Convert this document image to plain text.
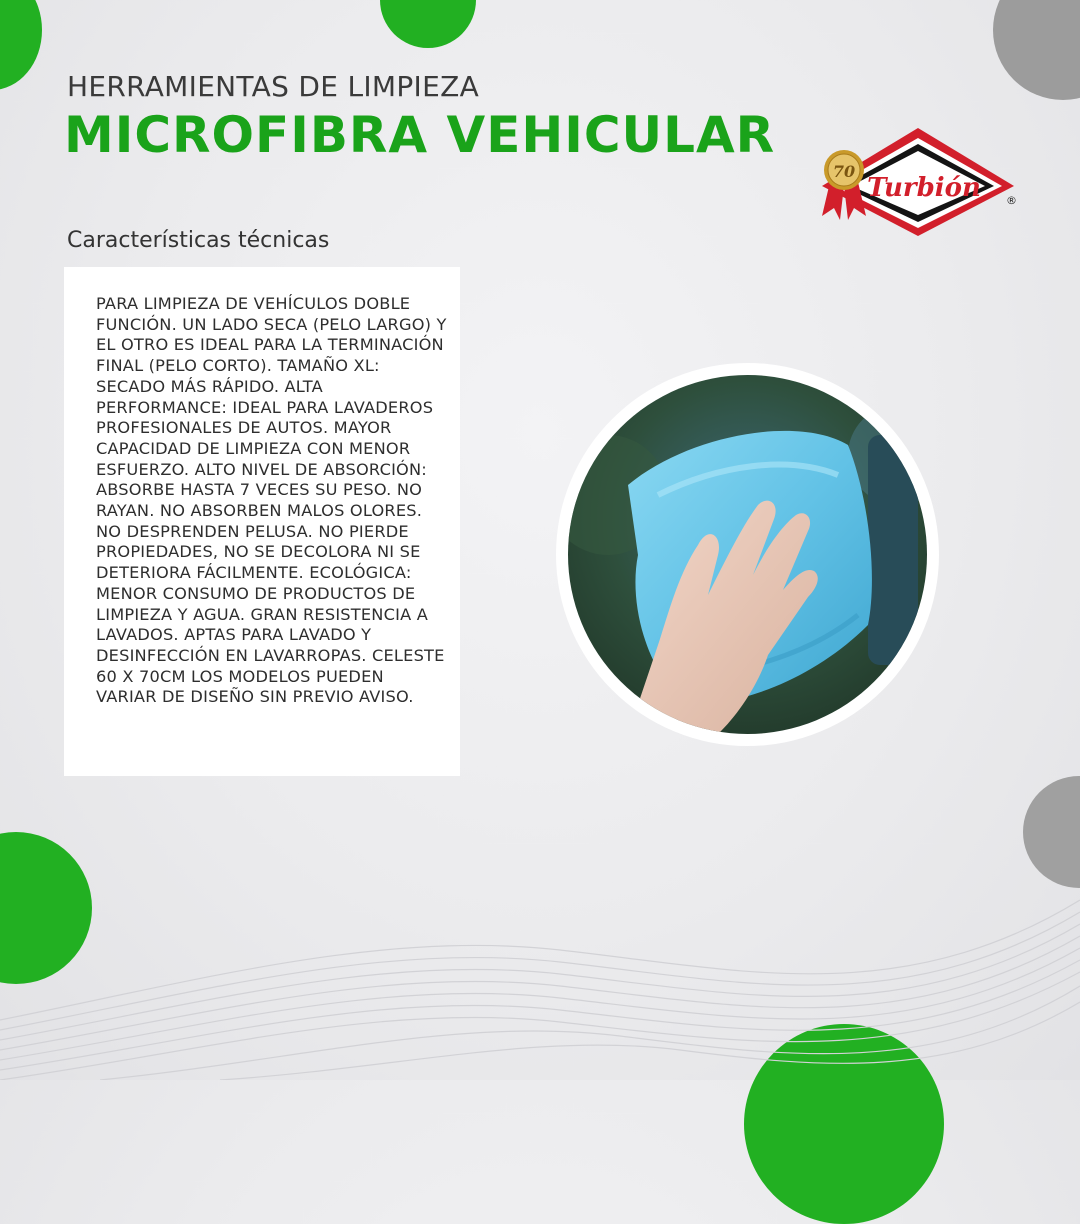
HERRAMIENTAS DE LIMPIEZA
MICROFIBRA VEHICULAR
Turbión ®
70
Características técnicas

PARA LIMPIEZA DE VEHÍCULOS DOBLE FUNCIÓN. UN LADO SECA (PELO LARGO) Y EL OTRO ES IDEAL PARA LA TERMINACIÓN FINAL (PELO CORTO). TAMAÑO XL: SECADO MÁS RÁPIDO. ALTA PERFORMANCE: IDEAL PARA LAVADEROS PROFESIONALES DE AUTOS. MAYOR CAPACIDAD DE LIMPIEZA CON MENOR ESFUERZO. ALTO NIVEL DE ABSORCIÓN: ABSORBE HASTA 7 VECES SU PESO. NO RAYAN. NO ABSORBEN MALOS OLORES. NO DESPRENDEN PELUSA. NO PIERDE PROPIEDADES, NO SE DECOLORA NI SE DETERIORA FÁCILMENTE. ECOLÓGICA: MENOR CONSUMO DE PRODUCTOS DE LIMPIEZA Y AGUA. GRAN RESISTENCIA A LAVADOS. APTAS PARA LAVADO Y DESINFECCIÓN EN LAVARROPAS. CELESTE 60 X 70CM LOS MODELOS PUEDEN VARIAR DE DISEÑO SIN PREVIO AVISO.
